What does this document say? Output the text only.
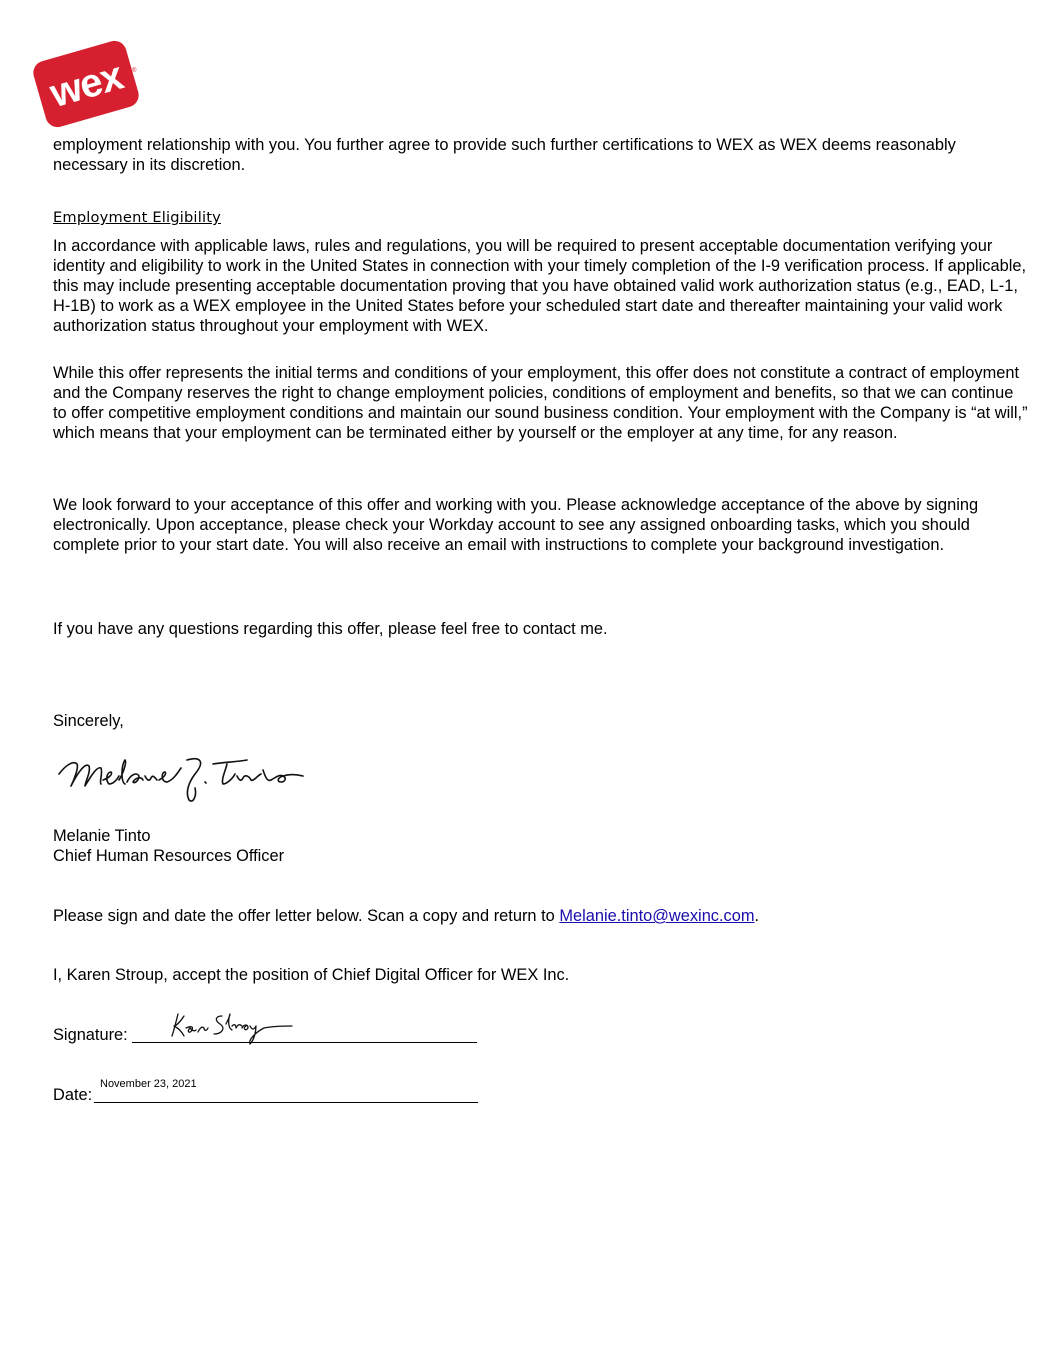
wex ®

employment relationship with you. You further agree to provide such further certifications to WEX as WEX deems reasonably necessary in its discretion.

Employment Eligibility

In accordance with applicable laws, rules and regulations, you will be required to present acceptable documentation verifying your identity and eligibility to work in the United States in connection with your timely completion of the I-9 verification process. If applicable, this may include presenting acceptable documentation proving that you have obtained valid work authorization status (e.g., EAD, L-1, H-1B) to work as a WEX employee in the United States before your scheduled start date and thereafter maintaining your valid work authorization status throughout your employment with WEX.

While this offer represents the initial terms and conditions of your employment, this offer does not constitute a contract of employment and the Company reserves the right to change employment policies, conditions of employment and benefits, so that we can continue to offer competitive employment conditions and maintain our sound business condition. Your employment with the Company is “at will,” which means that your employment can be terminated either by yourself or the employer at any time, for any reason.

We look forward to your acceptance of this offer and working with you. Please acknowledge acceptance of the above by signing electronically. Upon acceptance, please check your Workday account to see any assigned onboarding tasks, which you should complete prior to your start date. You will also receive an email with instructions to complete your background investigation.

If you have any questions regarding this offer, please feel free to contact me.

Sincerely,
Melanie Tinto
Chief Human Resources Officer
Please sign and date the offer letter below. Scan a copy and return to Melanie.tinto@wexinc.com.
I, Karen Stroup, accept the position of Chief Digital Officer for WEX Inc.
Signature:
Date:
November 23, 2021
